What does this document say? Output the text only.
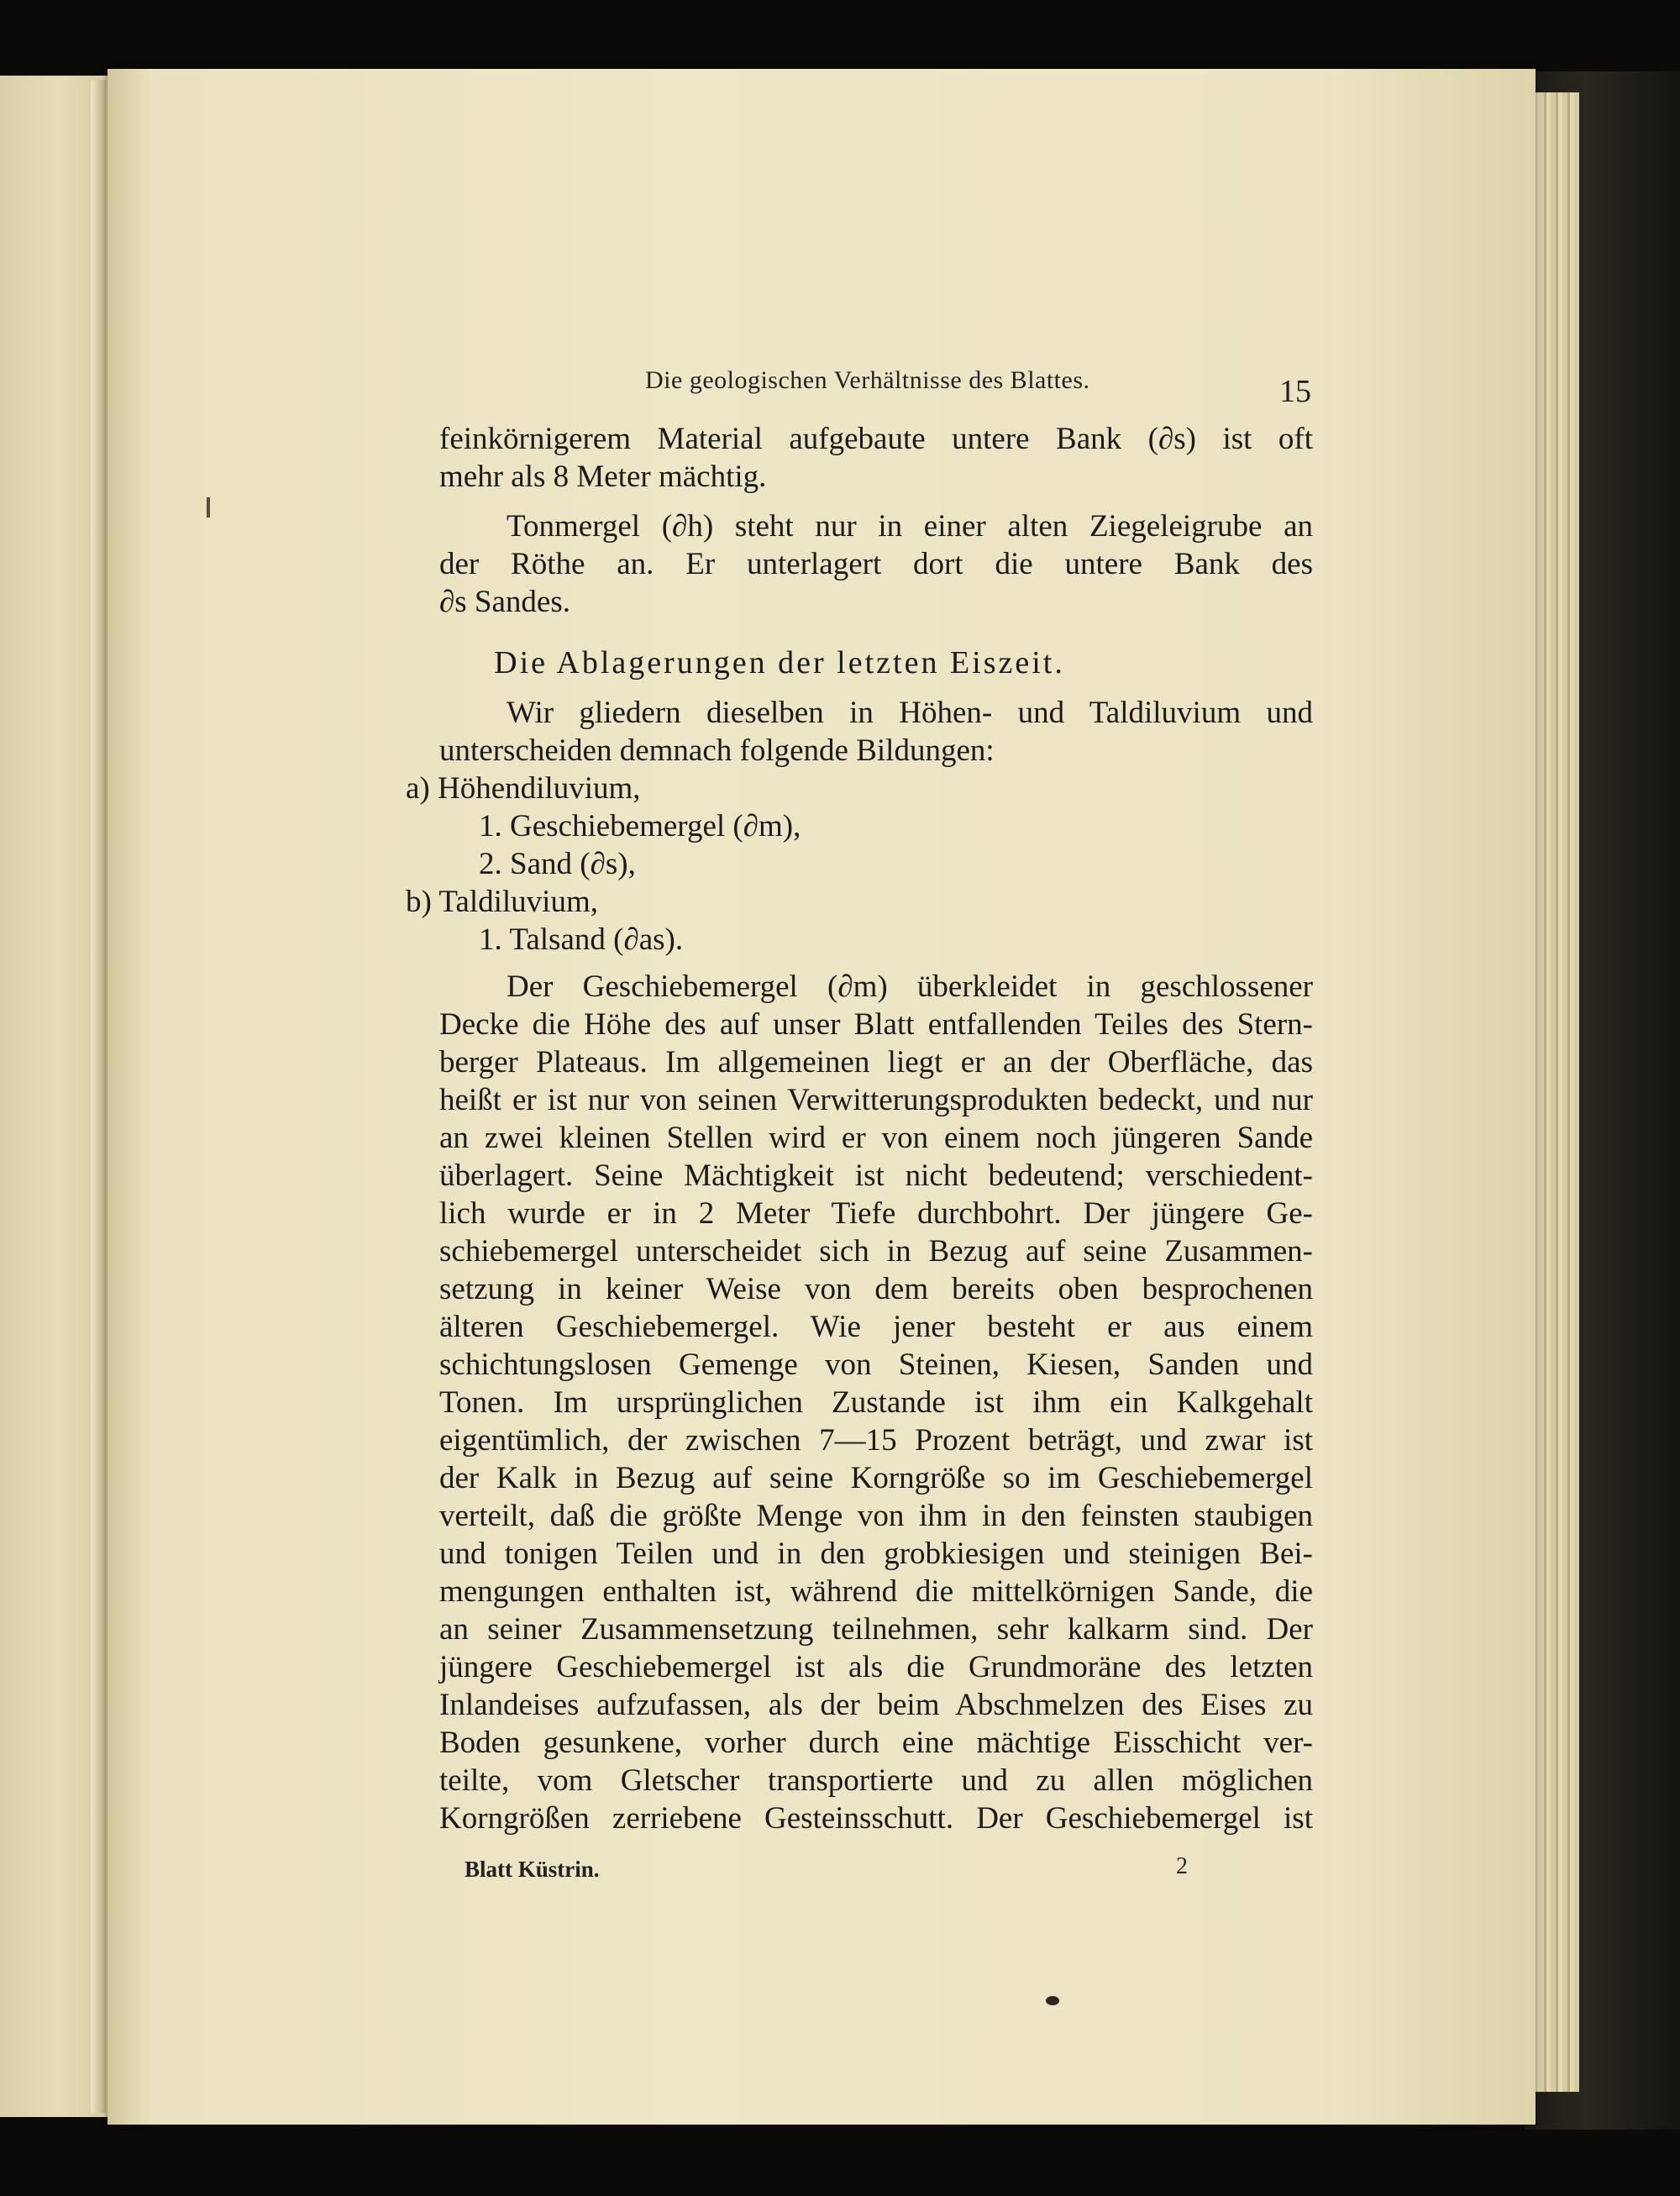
Die geologischen Verhältnisse des Blattes.	15
feinkörnigerem Material aufgebaute untere Bank (∂s) ist oft
mehr als 8 Meter mächtig.
Tonmergel (∂h) steht nur in einer alten Ziegeleigrube an
der Röthe an. Er unterlagert dort die untere Bank des
∂s Sandes.
Die Ablagerungen der letzten Eiszeit.
Wir gliedern dieselben in Höhen- und Taldiluvium und
unterscheiden demnach folgende Bildungen:
a) Höhendiluvium,
1. Geschiebemergel (∂m),
2. Sand (∂s),
b) Taldiluvium,
1. Talsand (∂as).
Der Geschiebemergel (∂m) überkleidet in geschlossener
Decke die Höhe des auf unser Blatt entfallenden Teiles des Stern-
berger Plateaus. Im allgemeinen liegt er an der Oberfläche, das
heißt er ist nur von seinen Verwitterungsprodukten bedeckt, und nur
an zwei kleinen Stellen wird er von einem noch jüngeren Sande
überlagert. Seine Mächtigkeit ist nicht bedeutend; verschiedent-
lich wurde er in 2 Meter Tiefe durchbohrt. Der jüngere Ge-
schiebemergel unterscheidet sich in Bezug auf seine Zusammen-
setzung in keiner Weise von dem bereits oben besprochenen
älteren Geschiebemergel. Wie jener besteht er aus einem
schichtungslosen Gemenge von Steinen, Kiesen, Sanden und
Tonen. Im ursprünglichen Zustande ist ihm ein Kalkgehalt
eigentümlich, der zwischen 7—15 Prozent beträgt, und zwar ist
der Kalk in Bezug auf seine Korngröße so im Geschiebemergel
verteilt, daß die größte Menge von ihm in den feinsten staubigen
und tonigen Teilen und in den grobkiesigen und steinigen Bei-
mengungen enthalten ist, während die mittelkörnigen Sande, die
an seiner Zusammensetzung teilnehmen, sehr kalkarm sind. Der
jüngere Geschiebemergel ist als die Grundmoräne des letzten
Inlandeises aufzufassen, als der beim Abschmelzen des Eises zu
Boden gesunkene, vorher durch eine mächtige Eisschicht ver-
teilte, vom Gletscher transportierte und zu allen möglichen
Korngrößen zerriebene Gesteinsschutt. Der Geschiebemergel ist
Blatt Küstrin.	2
